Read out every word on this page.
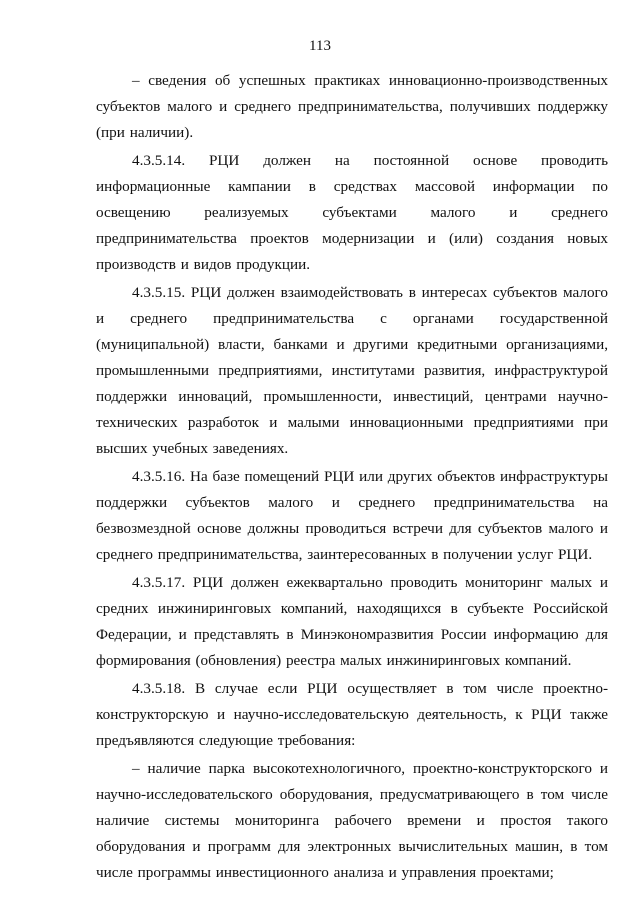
113

– сведения об успешных практиках инновационно-производственных субъектов малого и среднего предпринимательства, получивших поддержку (при наличии).

4.3.5.14. РЦИ должен на постоянной основе проводить информационные кампании в средствах массовой информации по освещению реализуемых субъектами малого и среднего предпринимательства проектов модернизации и (или) создания новых производств и видов продукции.

4.3.5.15. РЦИ должен взаимодействовать в интересах субъектов малого и среднего предпринимательства с органами государственной (муниципальной) власти, банками и другими кредитными организациями, промышленными предприятиями, институтами развития, инфраструктурой поддержки инноваций, промышленности, инвестиций, центрами научно-технических разработок и малыми инновационными предприятиями при высших учебных заведениях.

4.3.5.16. На базе помещений РЦИ или других объектов инфраструктуры поддержки субъектов малого и среднего предпринимательства на безвозмездной основе должны проводиться встречи для субъектов малого и среднего предпринимательства, заинтересованных в получении услуг РЦИ.

4.3.5.17. РЦИ должен ежеквартально проводить мониторинг малых и средних инжиниринговых компаний, находящихся в субъекте Российской Федерации, и представлять в Минэкономразвития России информацию для формирования (обновления) реестра малых инжиниринговых компаний.

4.3.5.18. В случае если РЦИ осуществляет в том числе проектно-конструкторскую и научно-исследовательскую деятельность, к РЦИ также предъявляются следующие требования:

– наличие парка высокотехнологичного, проектно-конструкторского и научно-исследовательского оборудования, предусматривающего в том числе наличие системы мониторинга рабочего времени и простоя такого оборудования и программ для электронных вычислительных машин, в том числе программы инвестиционного анализа и управления проектами;
